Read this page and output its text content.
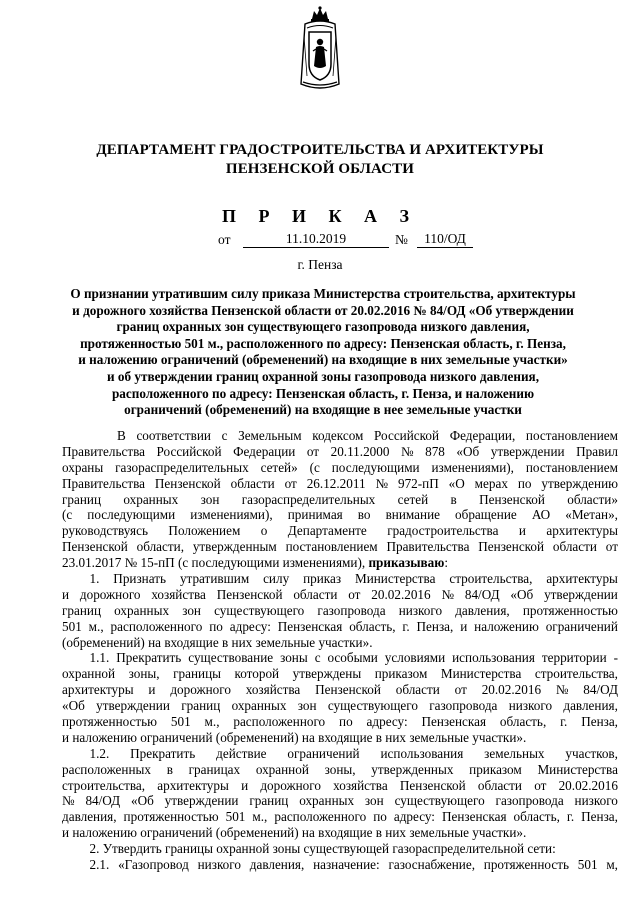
ДЕПАРТАМЕНТ ГРАДОСТРОИТЕЛЬСТВА И АРХИТЕКТУРЫ
ПЕНЗЕНСКОЙ ОБЛАСТИ
П Р И К А З
от	11.10.2019	№	110/ОД
г. Пенза
О признании утратившим силу приказа Министерства строительства, архитектуры
и дорожного хозяйства Пензенской области от 20.02.2016 № 84/ОД «Об утверждении
границ охранных зон существующего газопровода низкого давления,
протяженностью 501 м., расположенного по адресу: Пензенская область, г. Пенза,
и наложению ограничений (обременений) на входящие в них земельные участки»
и об утверждении границ охранной зоны газопровода низкого давления,
расположенного по адресу: Пензенская область, г. Пенза, и наложению
ограничений (обременений) на входящие в нее земельные участки
В соответствии с Земельным кодексом Российской Федерации, постановлением
Правительства Российской Федерации от 20.11.2000 № 878 «Об утверждении Правил
охраны газораспределительных сетей» (с последующими изменениями), постановлением
Правительства Пензенской области от 26.12.2011 № 972-пП «О мерах по утверждению
границ охранных зон газораспределительных сетей в Пензенской области»
(с последующими изменениями), принимая во внимание обращение АО «Метан»,
руководствуясь Положением о Департаменте градостроительства и архитектуры
Пензенской области, утвержденным постановлением Правительства Пензенской области от
23.01.2017 № 15-пП (с последующими изменениями), приказываю:
1. Признать утратившим силу приказ Министерства строительства, архитектуры
и дорожного хозяйства Пензенской области от 20.02.2016 № 84/ОД «Об утверждении
границ охранных зон существующего газопровода низкого давления, протяженностью
501 м., расположенного по адресу: Пензенская область, г. Пенза, и наложению ограничений
(обременений) на входящие в них земельные участки».
1.1. Прекратить существование зоны с особыми условиями использования территории -
охранной зоны, границы которой утверждены приказом Министерства строительства,
архитектуры и дорожного хозяйства Пензенской области от 20.02.2016 № 84/ОД
«Об утверждении границ охранных зон существующего газопровода низкого давления,
протяженностью 501 м., расположенного по адресу: Пензенская область, г. Пенза,
и наложению ограничений (обременений) на входящие в них земельные участки».
1.2. Прекратить действие ограничений использования земельных участков,
расположенных в границах охранной зоны, утвержденных приказом Министерства
строительства, архитектуры и дорожного хозяйства Пензенской области от 20.02.2016
№ 84/ОД «Об утверждении границ охранных зон существующего газопровода низкого
давления, протяженностью 501 м., расположенного по адресу: Пензенская область, г. Пенза,
и наложению ограничений (обременений) на входящие в них земельные участки».
2. Утвердить границы охранной зоны существующей газораспределительной сети:
2.1. «Газопровод низкого давления, назначение: газоснабжение, протяженность 501 м,
